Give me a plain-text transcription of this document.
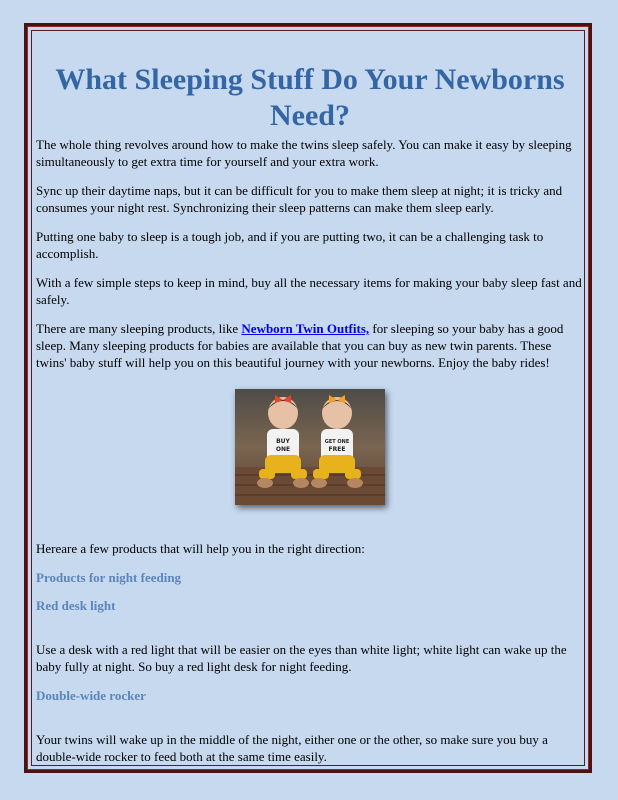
What Sleeping Stuff Do Your Newborns Need?

The whole thing revolves around how to make the twins sleep safely. You can make it easy by sleeping simultaneously to get extra time for yourself and your extra work.

Sync up their daytime naps, but it can be difficult for you to make them sleep at night; it is tricky and consumes your night rest. Synchronizing their sleep patterns can make them sleep early.

Putting one baby to sleep is a tough job, and if you are putting two, it can be a challenging task to accomplish.

With a few simple steps to keep in mind, buy all the necessary items for making your baby sleep fast and safely.

There are many sleeping products, like Newborn Twin Outfits, for sleeping so your baby has a good sleep. Many sleeping products for babies are available that you can buy as new twin parents. These twins' baby stuff will help you on this beautiful journey with your newborns. Enjoy the baby rides!

BUY
ONE
GET ONE
FREE

Hereare a few products that will help you in the right direction:

Products for night feeding
Red desk light

Use a desk with a red light that will be easier on the eyes than white light; white light can wake up the baby fully at night. So buy a red light desk for night feeding.

Double-wide rocker

Your twins will wake up in the middle of the night, either one or the other, so make sure you buy a double-wide rocker to feed both at the same time easily.
